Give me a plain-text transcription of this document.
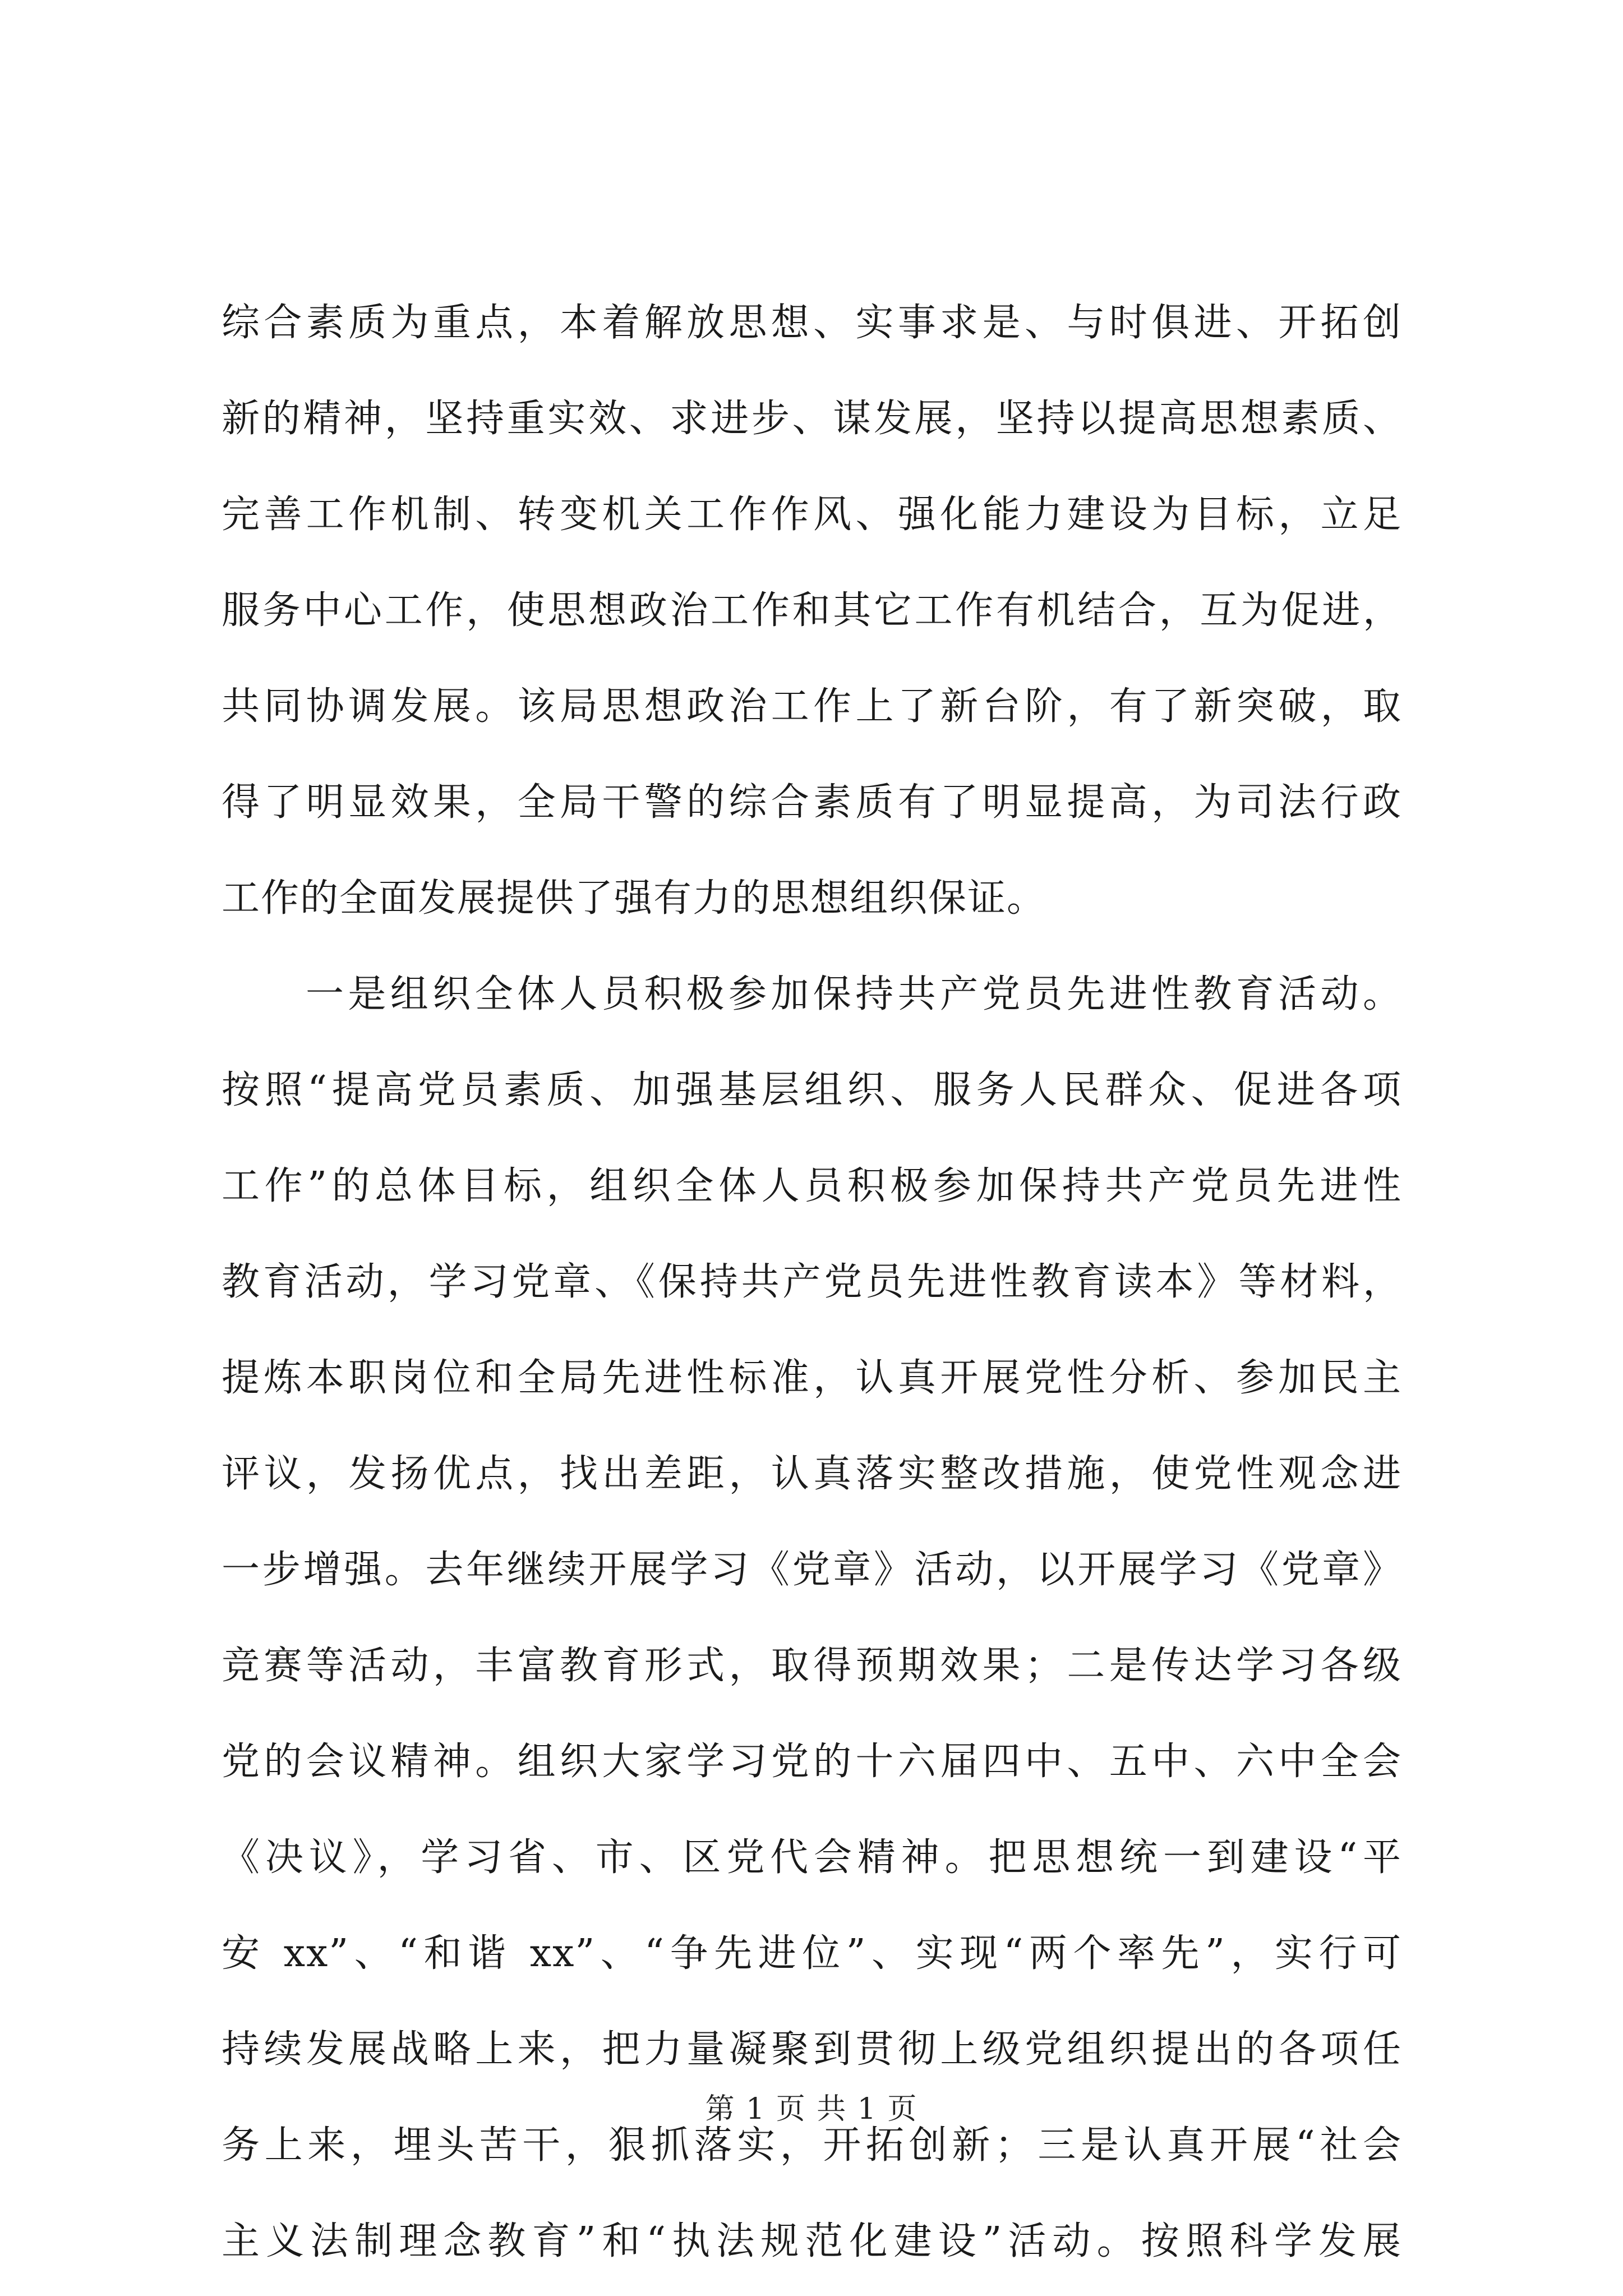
综合素质为重点，本着解放思想、实事求是、与时俱进、开拓创
新的精神，坚持重实效、求进步、谋发展，坚持以提高思想素质、
完善工作机制、转变机关工作作风、强化能力建设为目标，立足
服务中心工作，使思想政治工作和其它工作有机结合，互为促进，
共同协调发展。该局思想政治工作上了新台阶，有了新突破，取
得了明显效果，全局干警的综合素质有了明显提高，为司法行政
工作的全面发展提供了强有力的思想组织保证。
一是组织全体人员积极参加保持共产党员先进性教育活动。
按照“提高党员素质、加强基层组织、服务人民群众、促进各项
工作”的总体目标，组织全体人员积极参加保持共产党员先进性
教育活动，学习党章、《保持共产党员先进性教育读本》等材料，
提炼本职岗位和全局先进性标准，认真开展党性分析、参加民主
评议，发扬优点，找出差距，认真落实整改措施，使党性观念进
一步增强。去年继续开展学习《党章》活动，以开展学习《党章》
竞赛等活动，丰富教育形式，取得预期效果；二是传达学习各级
党的会议精神。组织大家学习党的十六届四中、五中、六中全会
《决议》，学习省、市、区党代会精神。把思想统一到建设“平
安 xx”、“和谐 xx”、“争先进位”、实现“两个率先”，实行可
持续发展战略上来，把力量凝聚到贯彻上级党组织提出的各项任
务上来，埋头苦干，狠抓落实，开拓创新；三是认真开展“社会
主义法制理念教育”和“执法规范化建设”活动。按照科学发展
第 1 页 共 1 页
